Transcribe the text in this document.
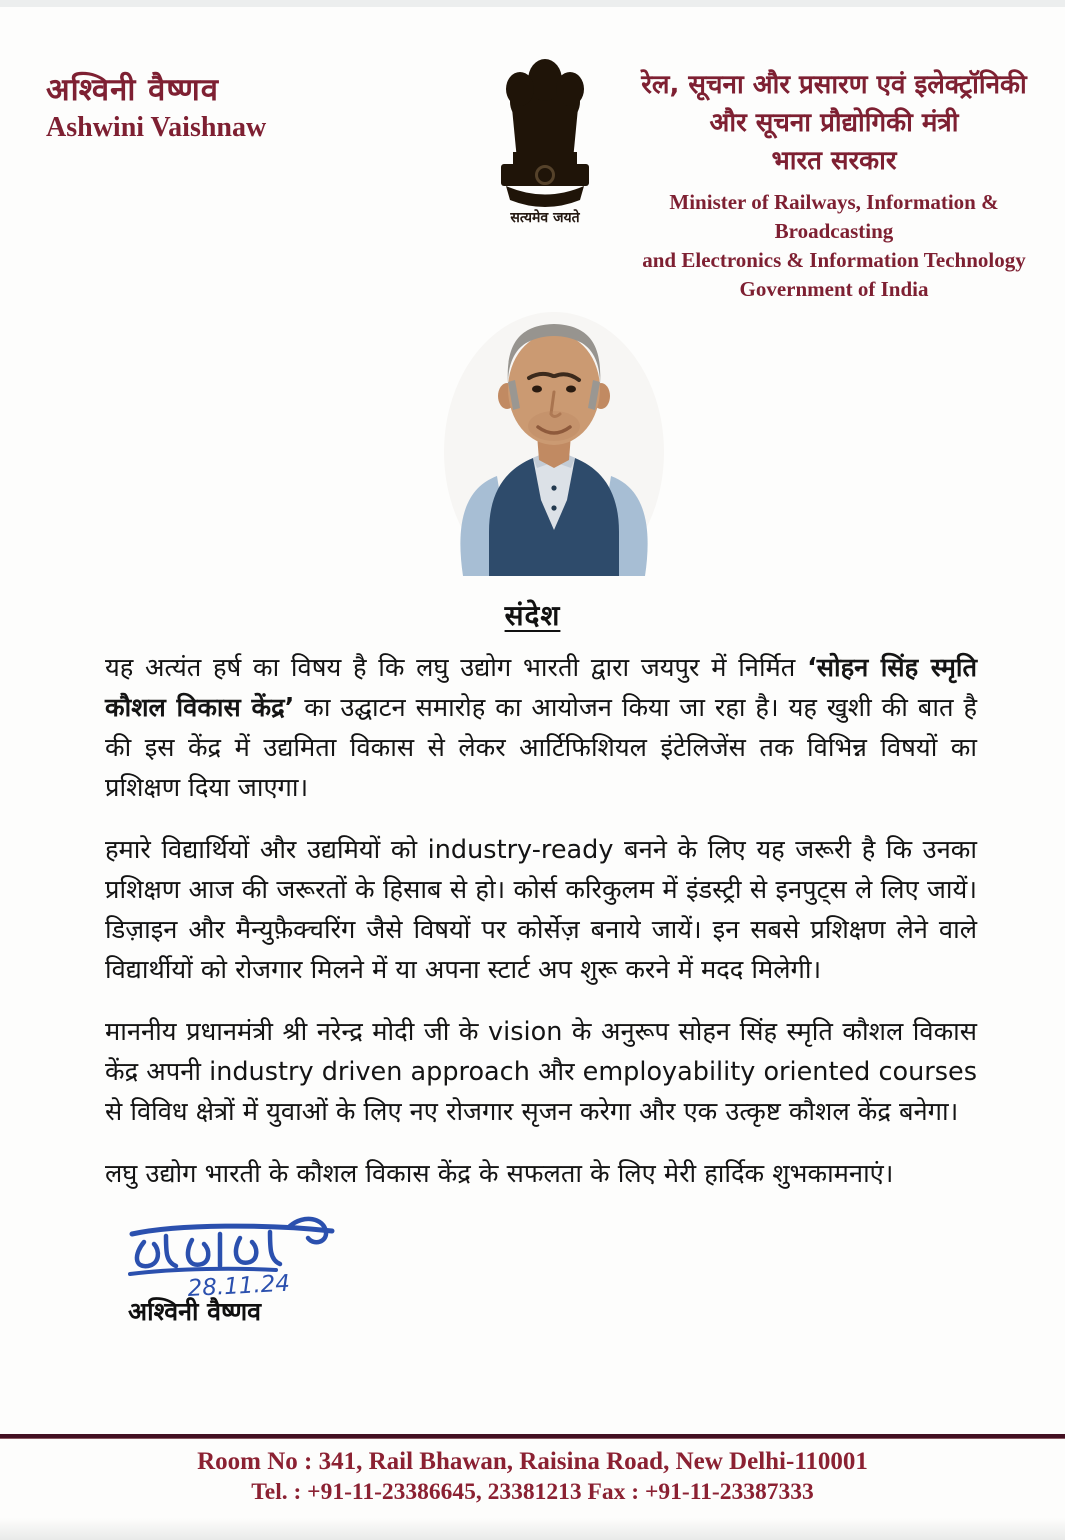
अश्विनी वैष्णव
Ashwini Vaishnaw
सत्यमेव जयते
रेल, सूचना और प्रसारण एवं इलेक्ट्रॉनिकी
और सूचना प्रौद्योगिकी मंत्री
भारत सरकार
Minister of Railways, Information & Broadcasting
and Electronics & Information Technology
Government of India
संदेश

यह अत्यंत हर्ष का विषय है कि लघु उद्योग भारती द्वारा जयपुर में निर्मित ‘सोहन सिंह स्मृति कौशल विकास केंद्र’ का उद्घाटन समारोह का आयोजन किया जा रहा है। यह खुशी की बात है की इस केंद्र में उद्यमिता विकास से लेकर आर्टिफिशियल इंटेलिजेंस तक विभिन्न विषयों का प्रशिक्षण दिया जाएगा।

हमारे विद्यार्थियों और उद्यमियों को industry-ready बनने के लिए यह जरूरी है कि उनका प्रशिक्षण आज की जरूरतों के हिसाब से हो। कोर्स करिकुलम में इंडस्ट्री से इनपुट्स ले लिए जायें। डिज़ाइन और मैन्युफ़ैक्चरिंग जैसे विषयों पर कोर्सेज़ बनाये जायें। इन सबसे प्रशिक्षण लेने वाले विद्यार्थीयों को रोजगार मिलने में या अपना स्टार्ट अप शुरू करने में मदद मिलेगी।

माननीय प्रधानमंत्री श्री नरेन्द्र मोदी जी के vision के अनुरूप सोहन सिंह स्मृति कौशल विकास केंद्र अपनी industry driven approach और employability oriented courses से विविध क्षेत्रों में युवाओं के लिए नए रोजगार सृजन करेगा और एक उत्कृष्ट कौशल केंद्र बनेगा।

लघु उद्योग भारती के कौशल विकास केंद्र के सफलता के लिए मेरी हार्दिक शुभकामनाएं।

28.11.24
अश्विनी वैष्णव
Room No : 341, Rail Bhawan, Raisina Road, New Delhi-110001
Tel. : +91-11-23386645, 23381213 Fax : +91-11-23387333
